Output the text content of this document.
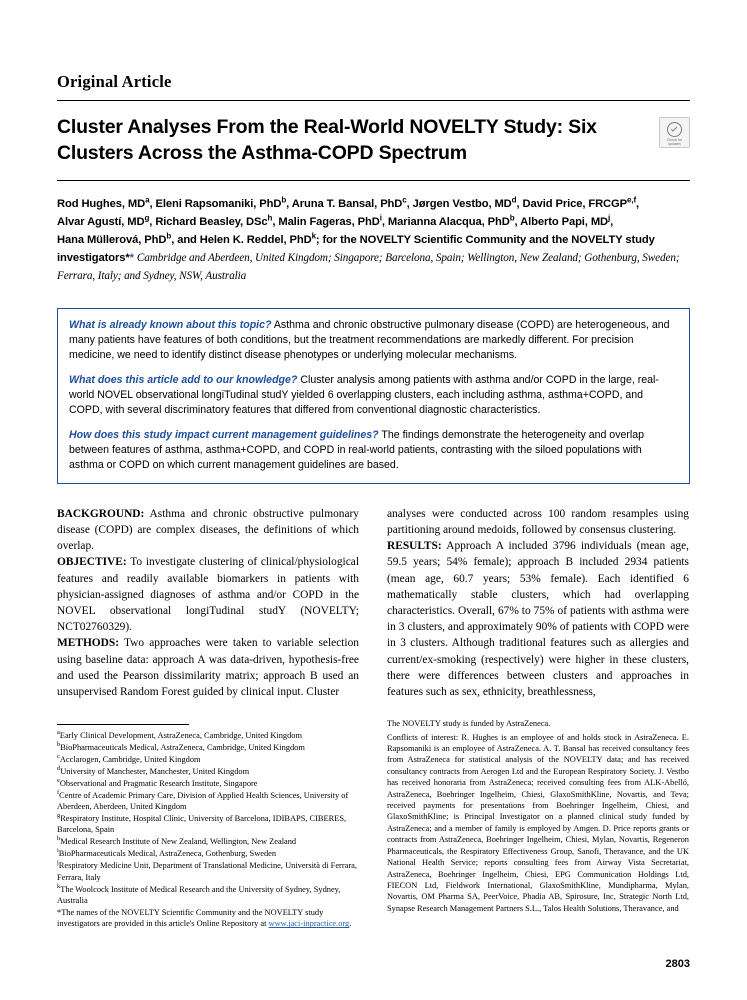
Original Article
Cluster Analyses From the Real-World NOVELTY Study: Six Clusters Across the Asthma-COPD Spectrum
Check for updates
Rod Hughes, $MD^a$, Eleni Rapsomaniki, PhD$^b$, Aruna T. Bansal, PhD$^c$, Jørgen Vestbo, $MD^d$, David Price, FRCGP$^{e,f}$,
Alvar Agustí, $MD^g$, Richard Beasley, DSc$^h$, Malin Fageras, PhD$^i$, Marianna Alacqua, PhD$^b$, Alberto Papi, $MD^j$,
Hana Müllerová, PhD$^b$, and Helen K. Reddel, PhD$^k$; for the NOVELTY Scientific Community and the NOVELTY study
investigators** Cambridge and Aberdeen, United Kingdom; Singapore; Barcelona, Spain; Wellington, New Zealand; Gothenburg, Sweden; Ferrara, Italy; and Sydney, NSW, Australia

What is already known about this topic? Asthma and chronic obstructive pulmonary disease (COPD) are heterogeneous, and many patients have features of both conditions, but the treatment recommendations are markedly different. For precision medicine, we need to identify distinct disease phenotypes or underlying molecular mechanisms.

What does this article add to our knowledge? Cluster analysis among patients with asthma and/or COPD in the large, real-world NOVEL observational longiTudinal studY yielded 6 overlapping clusters, each including asthma, asthma+COPD, and COPD, with several discriminatory features that differed from conventional diagnostic characteristics.

How does this study impact current management guidelines? The findings demonstrate the heterogeneity and overlap between features of asthma, asthma+COPD, and COPD in real-world patients, contrasting with the siloed populations with asthma or COPD on which current management guidelines are based.

BACKGROUND: Asthma and chronic obstructive pulmonary disease (COPD) are complex diseases, the definitions of which overlap.

OBJECTIVE: To investigate clustering of clinical/physiological features and readily available biomarkers in patients with physician-assigned diagnoses of asthma and/or COPD in the NOVEL observational longiTudinal studY (NOVELTY; NCT02760329).

METHODS: Two approaches were taken to variable selection using baseline data: approach A was data-driven, hypothesis-free and used the Pearson dissimilarity matrix; approach B used an unsupervised Random Forest guided by clinical input. Cluster

analyses were conducted across 100 random resamples using partitioning around medoids, followed by consensus clustering.

RESULTS: Approach A included 3796 individuals (mean age, 59.5 years; 54% female); approach B included 2934 patients (mean age, 60.7 years; 53% female). Each identified 6 mathematically stable clusters, which had overlapping characteristics. Overall, 67% to 75% of patients with asthma were in 3 clusters, and approximately 90% of patients with COPD were in 3 clusters. Although traditional features such as allergies and current/ex-smoking (respectively) were higher in these clusters, there were differences between clusters and approaches in features such as sex, ethnicity, breathlessness,

$^a$Early Clinical Development, AstraZeneca, Cambridge, United Kingdom

$^b$BioPharmaceuticals Medical, AstraZeneca, Cambridge, United Kingdom

$^c$Acclarogen, Cambridge, United Kingdom

$^d$University of Manchester, Manchester, United Kingdom

$^e$Observational and Pragmatic Research Institute, Singapore

$^f$Centre of Academic Primary Care, Division of Applied Health Sciences, University of Aberdeen, Aberdeen, United Kingdom

$^g$Respiratory Institute, Hospital Clínic, University of Barcelona, IDIBAPS, CIBERES, Barcelona, Spain

$^h$Medical Research Institute of New Zealand, Wellington, New Zealand

$^i$BioPharmaceuticals Medical, AstraZeneca, Gothenburg, Sweden

$^j$Respiratory Medicine Unit, Department of Translational Medicine, Università di Ferrara, Ferrara, Italy

$^k$The Woolcock Institute of Medical Research and the University of Sydney, Sydney, Australia

*The names of the NOVELTY Scientific Community and the NOVELTY study investigators are provided in this article's Online Repository at www.jaci-inpractice.org.

The NOVELTY study is funded by AstraZeneca.

Conflicts of interest: R. Hughes is an employee of and holds stock in AstraZeneca. E. Rapsomaniki is an employee of AstraZeneca. A. T. Bansal has received consultancy fees from AstraZeneca for statistical analysis of the NOVELTY data; and has received consultancy contracts from Aerogen Ltd and the European Respiratory Society. J. Vestbo has received honoraria from AstraZeneca; received consulting fees from ALK-Abelló, AstraZeneca, Boehringer Ingelheim, Chiesi, GlaxoSmithKline, Novartis, and Teva; received payments for presentations from Boehringer Ingelheim, Chiesi, and GlaxoSmithKline; is Principal Investigator on a planned clinical study funded by AstraZeneca; and a member of family is employed by Amgen. D. Price reports grants or contracts from AstraZeneca, Boehringer Ingelheim, Chiesi, Mylan, Novartis, Regeneron Pharmaceuticals, the Respiratory Effectiveness Group, Sanofi, Theravance, and the UK National Health Service; reports consulting fees from Airway Vista Secretariat, AstraZeneca, Boehringer Ingelheim, Chiesi, EPG Communication Holdings Ltd, FIECON Ltd, Fieldwork International, GlaxoSmithKline, Mundipharma, Mylan, Novartis, OM Pharma SA, PeerVoice, Phadia AB, Spirosure, Inc, Strategic North Ltd, Synapse Research Management Partners S.L., Talos Health Solutions, Theravance, and

2803
